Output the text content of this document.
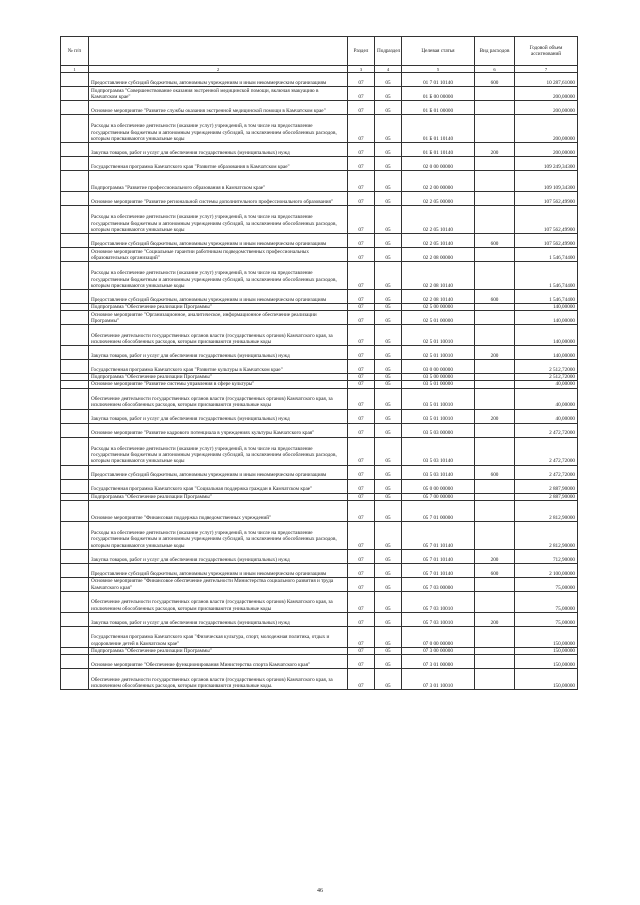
№ п/п		Раздел	Подраздел	Целевая статья	Вид расходов	Годовой объем ассигнований
1	2	3	4	5	6	7
	Предоставление субсидий бюджетным, автономным учреждениям и иным некоммерческим организациям	07	05	01 7 01 10140	600	10 287,61000
	Подпрограмма "Совершенствование оказания экстренной медицинской помощи, включая эвакуацию в Камчатском крае"	07	05	01 Б 00 00000		200,00000
	Основное мероприятие "Развитие службы оказания экстренной медицинской помощи в Камчатском крае"	07	05	01 Б 01 00000		200,00000
	Расходы на обеспечение деятельности (оказание услуг) учреждений, в том числе на предоставление государственным бюджетным и автономным учреждениям субсидий, за исключением обособленных расходов, которым присваиваются уникальные коды	07	05	01 Б 01 10140		200,00000
	Закупка товаров, работ и услуг для обеспечения государственных (муниципальных) нужд	07	05	01 Б 01 10140	200	200,00000
	Государственная программа Камчатского края "Развитие образования в Камчатском крае"	07	05	02 0 00 00000		109 249,34300
	Подпрограмма "Развитие профессионального образования в Камчатском крае"	07	05	02 2 00 00000		109 109,34300
	Основное мероприятие "Развитие региональной системы дополнительного профессионального образования"	07	05	02 2 05 00000		107 562,49900
	Расходы на обеспечение деятельности (оказание услуг) учреждений, в том числе на предоставление государственным бюджетным и автономным учреждениям субсидий, за исключением обособленных расходов, которым присваиваются уникальные коды	07	05	02 2 05 10140		107 562,49900
	Предоставление субсидий бюджетным, автономным учреждениям и иным некоммерческим организациям	07	05	02 2 05 10140	600	107 562,49900
	Основное мероприятие "Социальные гарантии работникам подведомственных профессиональных образовательных организаций"	07	05	02 2 08 00000		1 546,74400
	Расходы на обеспечение деятельности (оказание услуг) учреждений, в том числе на предоставление государственным бюджетным и автономным учреждениям субсидий, за исключением обособленных расходов, которым присваиваются уникальные коды	07	05	02 2 08 10140		1 546,74400
	Предоставление субсидий бюджетным, автономным учреждениям и иным некоммерческим организациям	07	05	02 2 08 10140	600	1 546,74400
	Подпрограмма "Обеспечение реализации Программы"	07	05	02 5 00 00000		140,00000
	Основное мероприятие "Организационное, аналитическое, информационное обеспечение реализации Программы"	07	05	02 5 01 00000		140,00000
	Обеспечение деятельности государственных органов власти (государственных органов) Камчатского края, за исключением обособленных расходов, которым присваиваются уникальные коды	07	05	02 5 01 10010		140,00000
	Закупка товаров, работ и услуг для обеспечения государственных (муниципальных) нужд	07	05	02 5 01 10010	200	140,00000
	Государственная программа Камчатского края "Развитие культуры в Камчатском крае"	07	05	03 0 00 00000		2 512,72000
	Подпрограмма "Обеспечение реализации Программы"	07	05	03 5 00 00000		2 512,72000
	Основное мероприятие "Развитие системы управления в сфере культуры"	07	05	03 5 01 00000		40,00000
	Обеспечение деятельности государственных органов власти (государственных органов) Камчатского края, за исключением обособленных расходов, которым присваиваются уникальные коды	07	05	03 5 01 10010		40,00000
	Закупка товаров, работ и услуг для обеспечения государственных (муниципальных) нужд	07	05	03 5 01 10010	200	40,00000
	Основное мероприятие "Развитие кадрового потенциала в учреждениях культуры Камчатского края"	07	05	03 5 03 00000		2 472,72000
	Расходы на обеспечение деятельности (оказание услуг) учреждений, в том числе на предоставление государственным бюджетным и автономным учреждениям субсидий, за исключением обособленных расходов, которым присваиваются уникальные коды	07	05	03 5 03 10140		2 472,72000
	Предоставление субсидий бюджетным, автономным учреждениям и иным некоммерческим организациям	07	05	03 5 03 10140	600	2 472,72000
	Государственная программа Камчатского края "Социальная поддержка граждан в Камчатском крае"	07	05	05 0 00 00000		2 887,90000
	Подпрограмма "Обеспечение реализации Программы"	07	05	05 7 00 00000		2 887,90000
	Основное мероприятие "Финансовая поддержка подведомственных учреждений"	07	05	05 7 01 00000		2 812,90000
	Расходы на обеспечение деятельности (оказание услуг) учреждений, в том числе на предоставление государственным бюджетным и автономным учреждениям субсидий, за исключением обособленных расходов, которым присваиваются уникальные коды	07	05	05 7 01 10140		2 812,90000
	Закупка товаров, работ и услуг для обеспечения государственных (муниципальных) нужд	07	05	05 7 01 10140	200	712,90000
	Предоставление субсидий бюджетным, автономным учреждениям и иным некоммерческим организациям	07	05	05 7 01 10140	600	2 100,00000
	Основное мероприятие "Финансовое обеспечение деятельности Министерства социального развития и труда Камчатского края"	07	05	05 7 03 00000		75,00000
	Обеспечение деятельности государственных органов власти (государственных органов) Камчатского края, за исключением обособленных расходов, которым присваиваются уникальные коды	07	05	05 7 03 10010		75,00000
	Закупка товаров, работ и услуг для обеспечения государственных (муниципальных) нужд	07	05	05 7 03 10010	200	75,00000
	Государственная программа Камчатского края "Физическая культура, спорт, молодежная политика, отдых и оздоровление детей в Камчатском крае"	07	05	07 0 00 00000		150,00000
	Подпрограмма "Обеспечение реализации Программы"	07	05	07 3 00 00000		150,00000
	Основное мероприятие "Обеспечение функционирования Министерства спорта Камчатского края"	07	05	07 3 01 00000		150,00000
	Обеспечение деятельности государственных органов власти (государственных органов) Камчатского края, за исключением обособленных расходов, которым присваиваются уникальные коды.	07	05	07 3 01 10010		150,00000
46
